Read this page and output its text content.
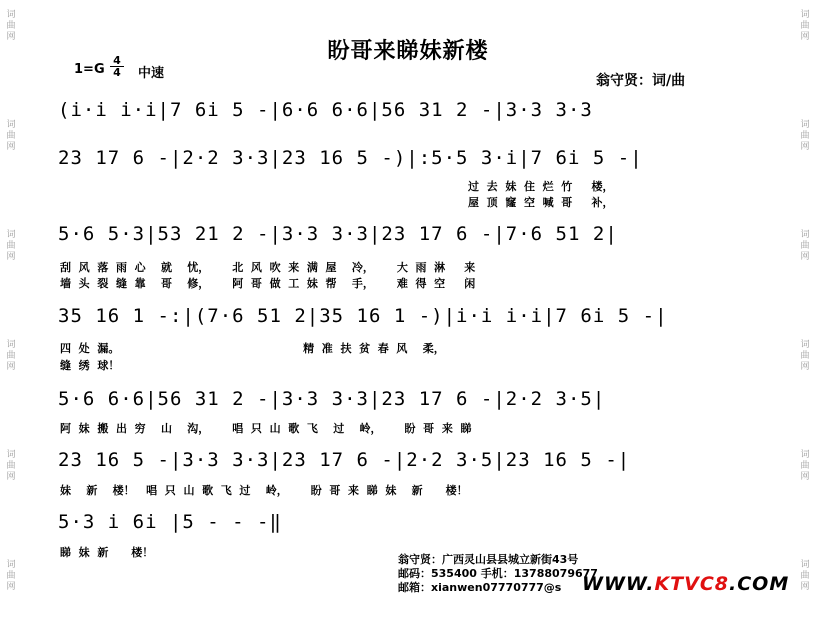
词曲网
词曲网
词曲网
词曲网
词曲网
词曲网
词曲网
词曲网
词曲网
词曲网
词曲网
词曲网
盼哥来睇妹新楼
$1=G \frac{4}{4}$ 中速	翁守贤：词/曲
(i·i i·i|7 6i 5 -|6·6 6·6|56 31 2 -|3·3 3·3
23 17 6 -|2·2 3·3|23 16 5 -)|:5·5 3·i|7 6i 5 -|
过  去  妹  住  烂  竹     楼，
屋  顶  窿  空  喊  哥     补，
5·6 5·3|53 21 2 -|3·3 3·3|23 17 6 -|7·6 51 2|
刮  风  落  雨  心    就    忧，      北  风  吹  来  满  屋    冷，      大  雨  淋     来
墙  头  裂  缝  靠    哥    修，      阿  哥  做  工  妹  帮    手，      难  得  空     闲
35 16 1 -:|(7·6 51 2|35 16 1 -)|i·i i·i|7 6i 5 -|
四  处  漏。                                                精  准  扶  贫  春  风    柔，
缝  绣  球！
5·6 6·6|56 31 2 -|3·3 3·3|23 17 6 -|2·2 3·5|
阿  妹  搬  出  穷    山    沟，      唱  只  山  歌  飞    过    岭，      盼  哥  来  睇
23 16 5 -|3·3 3·3|23 17 6 -|2·2 3·5|23 16 5 -|
妹    新    楼！   唱  只  山  歌  飞  过    岭，      盼  哥  来  睇  妹    新      楼！
5·3 i 6i |5 - - -‖
睇  妹  新      楼！
翁守贤：广西灵山县县城立新街43号
邮码：535400 手机：13788079677
邮箱：xianwen07770777@s WWW.KTVC8.COM
